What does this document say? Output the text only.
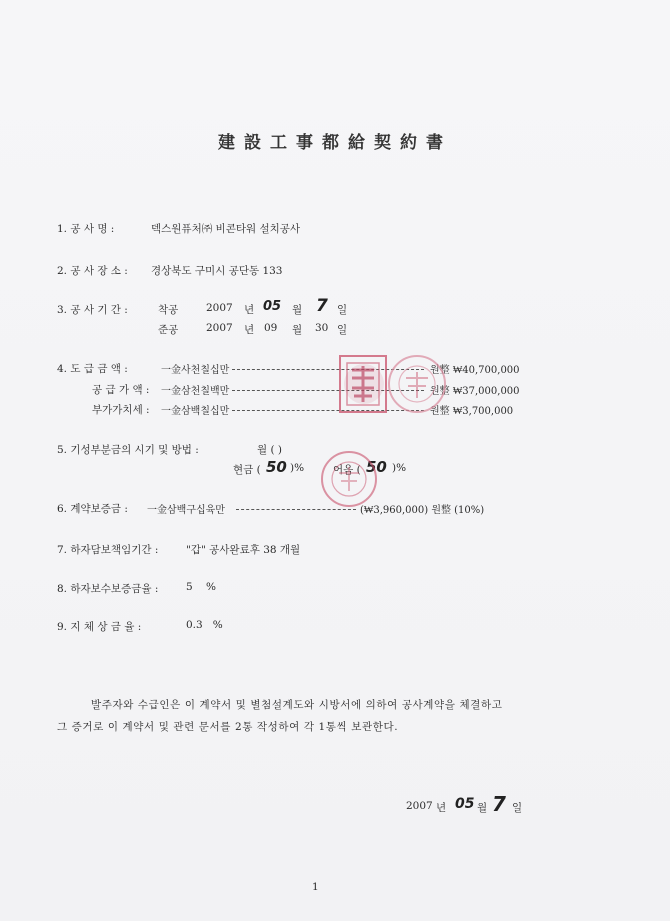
建設工事都給契約書
1. 공 사 명 :	덱스원퓨처㈜ 비콘타워 설치공사
2. 공 사 장 소 : 경상북도 구미시 공단동 133
3. 공 사 기 간 :	착공	2007 년 05 월 7 일
준공	2007 년 09 월 30 일
4. 도 급 금 액 :	一金사천칠십만	원整 ₩40,700,000
공 급 가 액 : 一金삼천칠백만	원整 ₩37,000,000
부가가치세 : 一金삼백칠십만	원整 ₩3,700,000
5. 기성부분금의 시기 및 방법 :	월 ( )
현금 ( 50 )%	어음 ( 50 )%
6. 계약보증금 : 一金삼백구십육만	(₩3,960,000) 원整 (10%)
7. 하자담보책임기간 :	"갑" 공사완료후 38 개월
8. 하자보수보증금율 :	5    %
9. 지 체 상 금 율 :	0.3   %
발주자와 수급인은 이 계약서 및 별첨설계도와 시방서에 의하여 공사계약을 체결하고
그 증거로 이 계약서 및 관련 문서를 2통 작성하여 각 1통씩 보관한다.
2007 년 05 월 7 일
1
